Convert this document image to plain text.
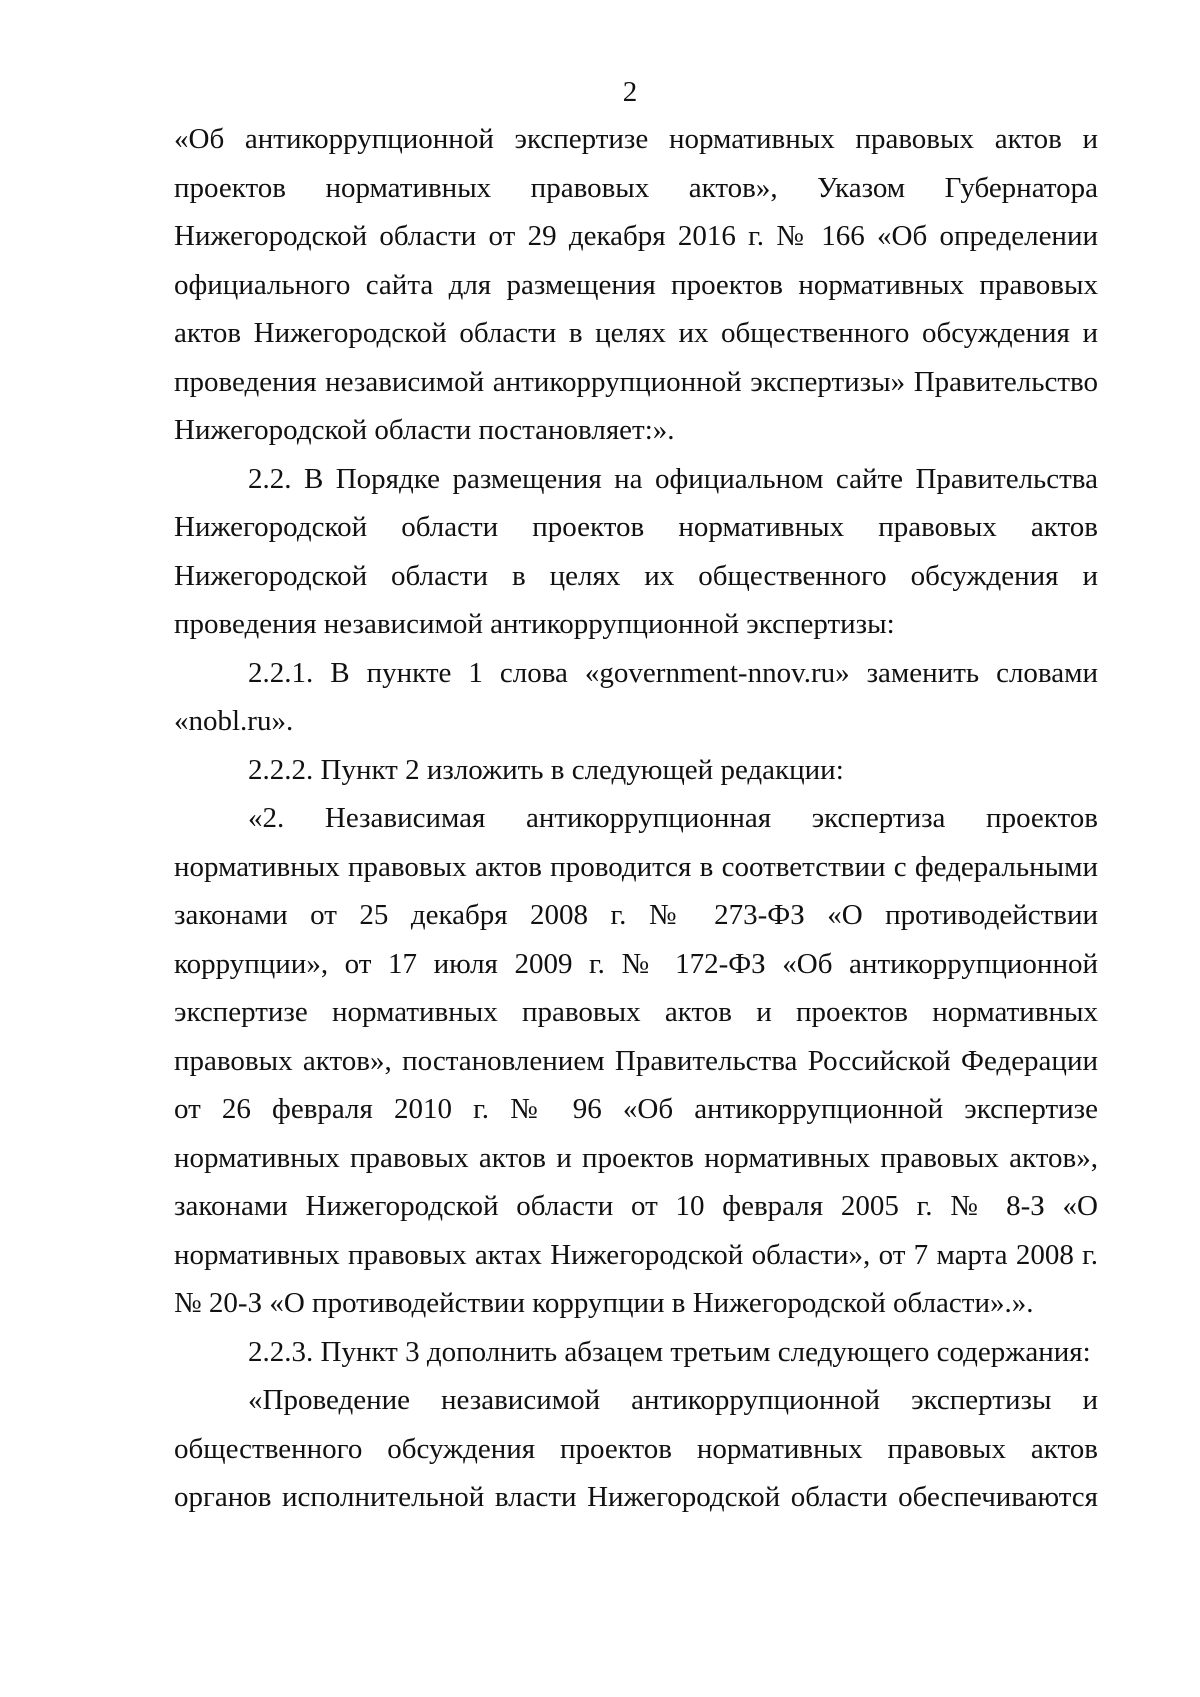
2

«Об антикоррупционной экспертизе нормативных правовых актов и проектов нормативных правовых актов», Указом Губернатора Нижегородской области от 29 декабря 2016 г. № 166 «Об определении официального сайта для размещения проектов нормативных правовых актов Нижегородской области в целях их общественного обсуждения и проведения независимой антикоррупционной экспертизы» Правительство Нижегородской области постановляет:».

2.2. В Порядке размещения на официальном сайте Правительства Нижегородской области проектов нормативных правовых актов Нижегородской области в целях их общественного обсуждения и проведения независимой антикоррупционной экспертизы:

2.2.1. В пункте 1 слова «government-nnov.ru» заменить словами «nobl.ru».

2.2.2. Пункт 2 изложить в следующей редакции:

«2. Независимая антикоррупционная экспертиза проектов нормативных правовых актов проводится в соответствии с федеральными законами от 25 декабря 2008 г. № 273-ФЗ «О противодействии коррупции», от 17 июля 2009 г. № 172-ФЗ «Об антикоррупционной экспертизе нормативных правовых актов и проектов нормативных правовых актов», постановлением Правительства Российской Федерации от 26 февраля 2010 г. № 96 «Об антикоррупционной экспертизе нормативных правовых актов и проектов нормативных правовых актов», законами Нижегородской области от 10 февраля 2005 г. № 8-З «О нормативных правовых актах Нижегородской области», от 7 марта 2008 г. № 20-З «О противодействии коррупции в Нижегородской области».».

2.2.3. Пункт 3 дополнить абзацем третьим следующего содержания:

«Проведение независимой антикоррупционной экспертизы и общественного обсуждения проектов нормативных правовых актов органов исполнительной власти Нижегородской области обеспечиваются
